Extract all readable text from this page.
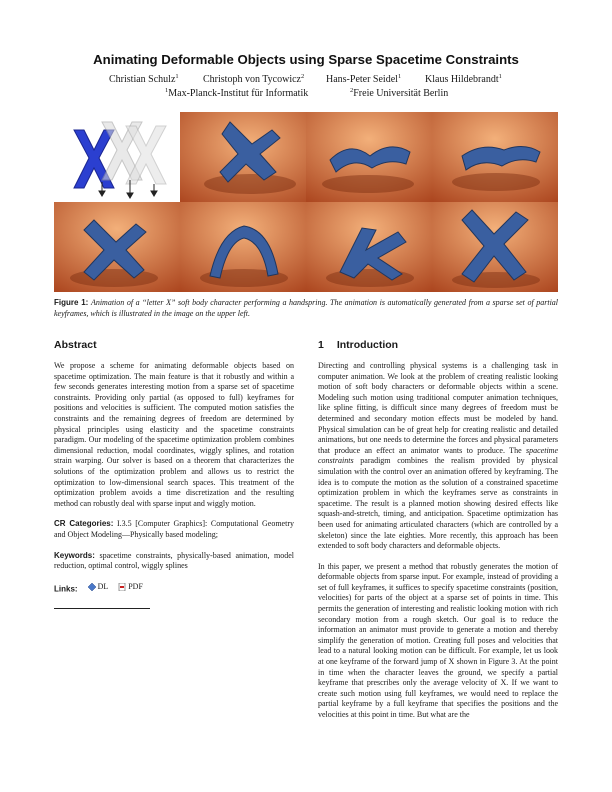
Animating Deformable Objects using Sparse Spacetime Constraints
Christian Schulz$^1$ Christoph von Tycowicz$^2$ Hans-Peter Seidel$^1$ Klaus Hildebrandt$^1$
$^1$Max-Planck-Institut für Informatik	$^2$Freie Universität Berlin
Figure 1: Animation of a “letter X” soft body character performing a handspring. The animation is automatically generated from a sparse set of partial keyframes, which is illustrated in the image on the upper left.
Abstract

We propose a scheme for animating deformable objects based on spacetime optimization. The main feature is that it robustly and within a few seconds generates interesting motion from a sparse set of spacetime constraints. Providing only partial (as opposed to full) keyframes for positions and velocities is sufficient. The computed motion satisfies the constraints and the remaining degrees of freedom are determined by physical principles using elasticity and the spacetime constraints paradigm. Our modeling of the spacetime optimization problem combines dimensional reduction, modal coordinates, wiggly splines, and rotation strain warping. Our solver is based on a theorem that characterizes the solutions of the optimization problem and allows us to restrict the optimization to low-dimensional search spaces. This treatment of the optimization problem avoids a time discretization and the resulting method can robustly deal with sparse input and wiggly motion.

CR Categories: I.3.5 [Computer Graphics]: Computational Geometry and Object Modeling—Physically based modeling;

Keywords: spacetime constraints, physically-based animation, model reduction, optimal control, wiggly splines

Links:	DL
	PDF

1 Introduction

Directing and controlling physical systems is a challenging task in computer animation. We look at the problem of creating realistic looking motion of soft body characters or deformable objects within a scene. Modeling such motion using traditional computer animation techniques, like spline fitting, is difficult since many degrees of freedom must be determined and secondary motion effects must be modeled by hand. Physical simulation can be of great help for creating realistic and detailed animations, but one needs to determine the forces and physical parameters that produce an effect an animator wants to produce. The spacetime constraints paradigm combines the realism provided by physical simulation with the control over an animation offered by keyframing. The idea is to compute the motion as the solution of a constrained spacetime optimization problem in which the keyframes serve as constraints in spacetime. The result is a planned motion showing desired effects like squash-and-stretch, timing, and anticipation. Spacetime optimization has been used for animating articulated characters (which are controlled by a skeleton) since the late eighties. More recently, this approach has been extended to soft body characters and deformable objects.

In this paper, we present a method that robustly generates the motion of deformable objects from sparse input. For example, instead of providing a set of full keyframes, it suffices to specify spacetime constraints (position, velocities) for parts of the object at a sparse set of points in time. This permits the generation of interesting and realistic looking motion with rich secondary motion from a rough sketch. Our goal is to reduce the information an animator must provide to generate a motion and thereby simplify the generation of motion. Creating full poses and velocities that lead to a natural looking motion can be difficult. For example, let us look at one keyframe of the forward jump of X shown in Figure 3. At the point in time when the character leaves the ground, we specify a partial keyframe that prescribes only the average velocity of X. If we want to create such motion using full keyframes, we would need to replace the partial keyframe by a full keyframe that specifies the positions and the velocities at this point in time. But what are the
